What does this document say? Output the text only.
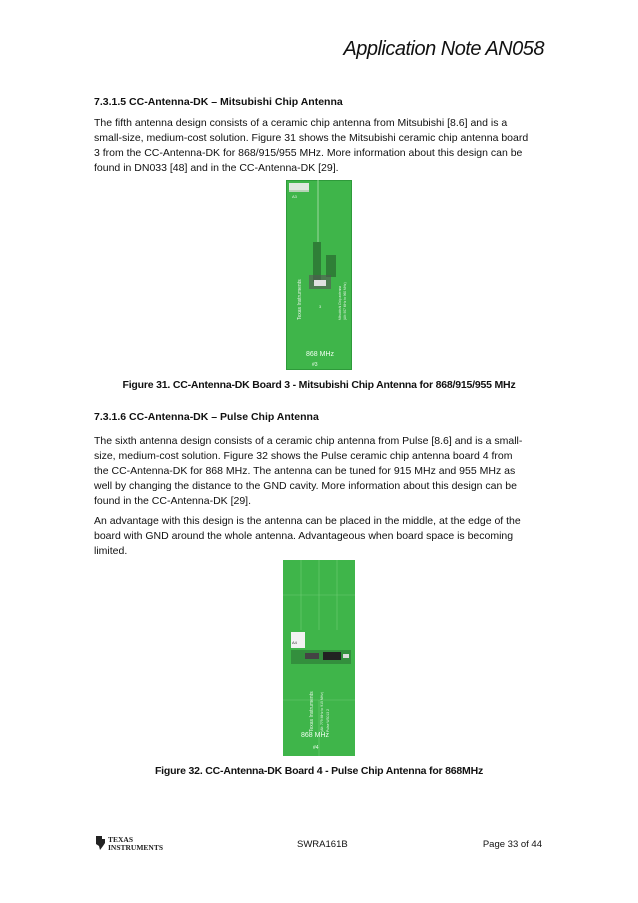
Application Note AN058

7.3.1.5 CC-Antenna-DK – Mitsubishi Chip Antenna

The fifth antenna design consists of a ceramic chip antenna from Mitsubishi [8.6] and is a

small-size, medium-cost solution. Figure 31 shows the Mitsubishi ceramic chip antenna board

3 from the CC-Antenna-DK for 868/915/955 MHz. More information about this design can be

found in DN033 [48] and in the CC-Antenna-DK [29].

A3
Texas Instruments	Mitsubishi Chip antenna (Alt: 907 MHz to 960 MHz)
3
868 MHz
#3

Figure 31. CC-Antenna-DK Board 3 - Mitsubishi Chip Antenna for 868/915/955 MHz

7.3.1.6 CC-Antenna-DK – Pulse Chip Antenna

The sixth antenna design consists of a ceramic chip antenna from Pulse [8.6] and is a small-

size, medium-cost solution. Figure 32 shows the Pulse ceramic chip antenna board 4 from

the CC-Antenna-DK for 868 MHz. The antenna can be tuned for 915 MHz and 955 MHz as

well by changing the distance to the GND cavity. More information about this design can be

found in the CC-Antenna-DK [29].

An advantage with this design is the antenna can be placed in the middle, at the edge of the

board with GND around the whole antenna. Advantageous when board space is becoming

limited.

A4
Texas Instruments (Alt: 779 MHz to 915 MHz) Pulse W3013 2
868 MHz
#4

Figure 32. CC-Antenna-DK Board 4 - Pulse Chip Antenna for 868MHz

TEXAS
INSTRUMENTS	SWRA161B	Page 33 of 44
